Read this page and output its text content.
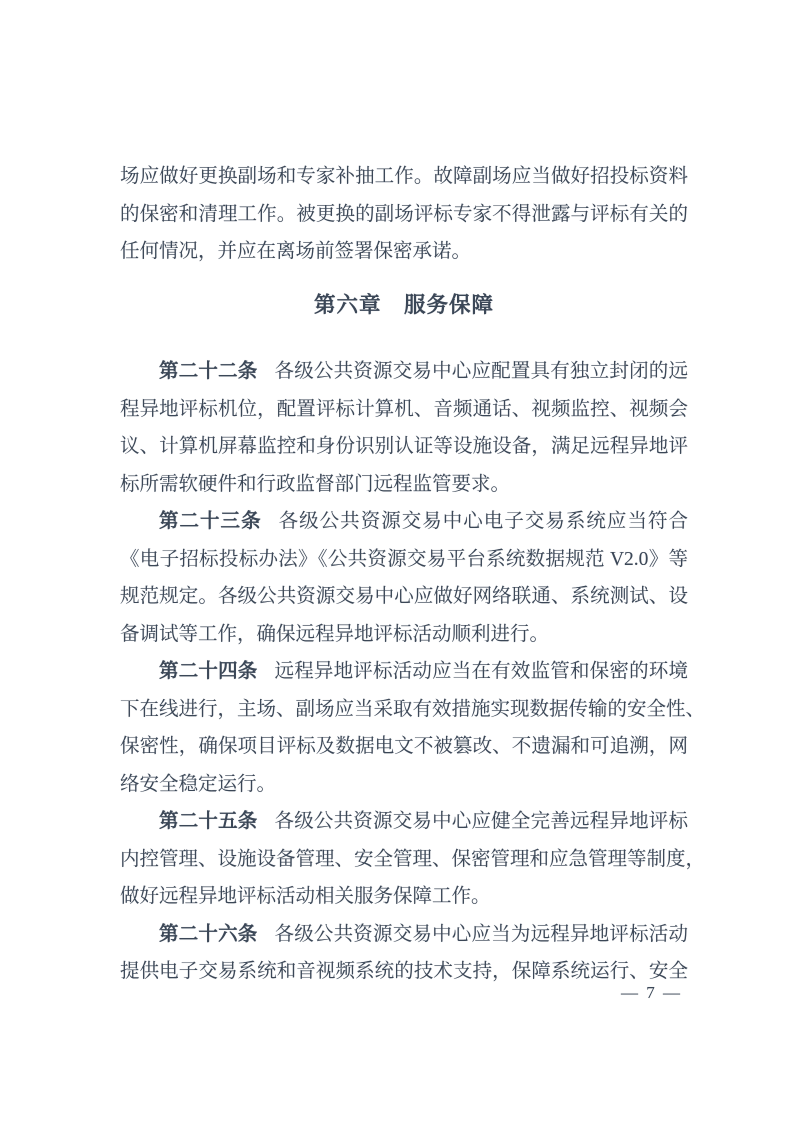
场应做好更换副场和专家补抽工作。故障副场应当做好招投标资料
的保密和清理工作。被更换的副场评标专家不得泄露与评标有关的
任何情况，并应在离场前签署保密承诺。
第六章　服务保障
第二十二条 各级公共资源交易中心应配置具有独立封闭的远
程异地评标机位，配置评标计算机、音频通话、视频监控、视频会
议、计算机屏幕监控和身份识别认证等设施设备，满足远程异地评
标所需软硬件和行政监督部门远程监管要求。
第二十三条 各级公共资源交易中心电子交易系统应当符合
《电子招标投标办法》《公共资源交易平台系统数据规范 V2.0》等
规范规定。各级公共资源交易中心应做好网络联通、系统测试、设
备调试等工作，确保远程异地评标活动顺利进行。
第二十四条 远程异地评标活动应当在有效监管和保密的环境
下在线进行，主场、副场应当采取有效措施实现数据传输的安全性、
保密性，确保项目评标及数据电文不被篡改、不遗漏和可追溯，网
络安全稳定运行。
第二十五条 各级公共资源交易中心应健全完善远程异地评标
内控管理、设施设备管理、安全管理、保密管理和应急管理等制度，
做好远程异地评标活动相关服务保障工作。
第二十六条 各级公共资源交易中心应当为远程异地评标活动
提供电子交易系统和音视频系统的技术支持，保障系统运行、安全
— 7 —
